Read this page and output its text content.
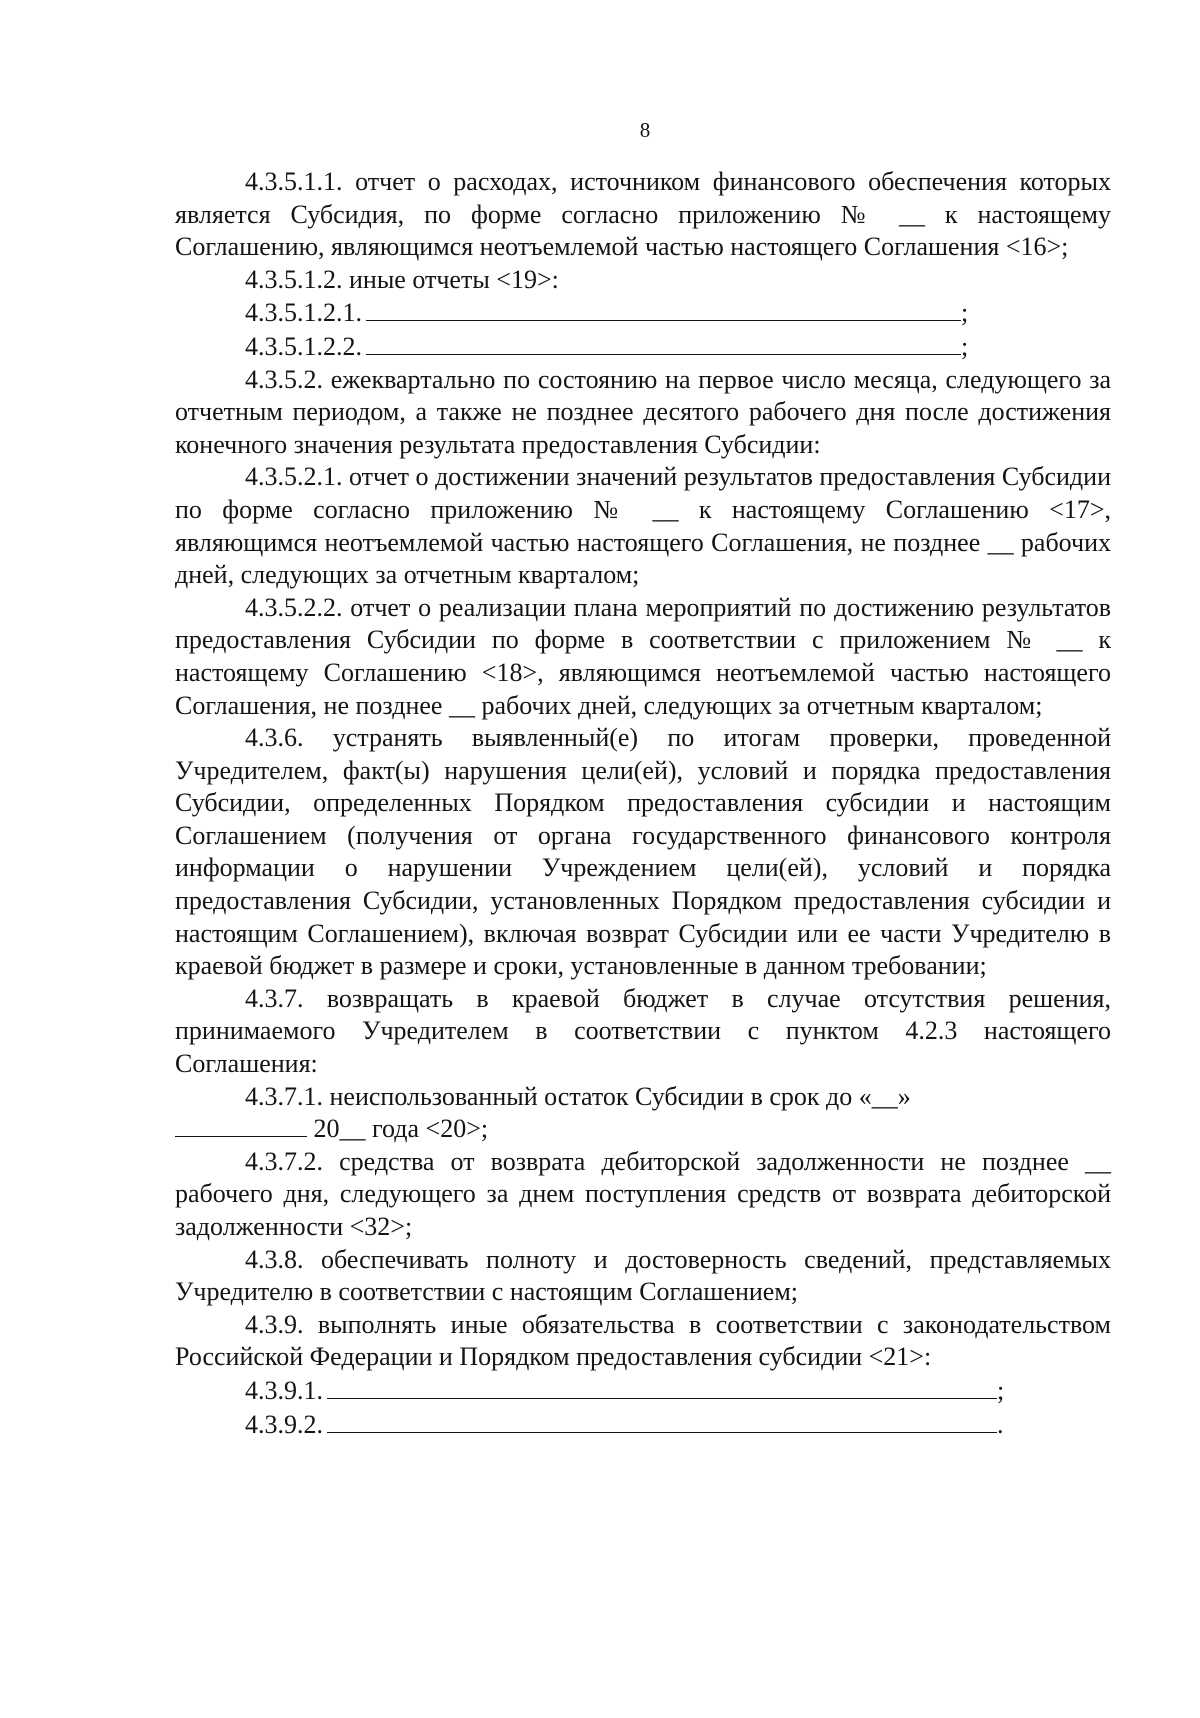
8

4.3.5.1.1. отчет о расходах, источником финансового обеспечения которых является Субсидия, по форме согласно приложению № __ к настоящему Соглашению, являющимся неотъемлемой частью настоящего Соглашения <16>;

4.3.5.1.2. иные отчеты <19>:

4.3.5.1.2.1.	;

4.3.5.1.2.2.	;

4.3.5.2. ежеквартально по состоянию на первое число месяца, следующего за отчетным периодом, а также не позднее десятого рабочего дня после достижения конечного значения результата предоставления Субсидии:

4.3.5.2.1. отчет о достижении значений результатов предоставления Субсидии по форме согласно приложению № __ к настоящему Соглашению <17>, являющимся неотъемлемой частью настоящего Соглашения, не позднее __ рабочих дней, следующих за отчетным кварталом;

4.3.5.2.2. отчет о реализации плана мероприятий по достижению результатов предоставления Субсидии по форме в соответствии с приложением № __ к настоящему Соглашению <18>, являющимся неотъемлемой частью настоящего Соглашения, не позднее __ рабочих дней, следующих за отчетным кварталом;

4.3.6. устранять выявленный(е) по итогам проверки, проведенной Учредителем, факт(ы) нарушения цели(ей), условий и порядка предоставления Субсидии, определенных Порядком предоставления субсидии и настоящим Соглашением (получения от органа государственного финансового контроля информации о нарушении Учреждением цели(ей), условий и порядка предоставления Субсидии, установленных Порядком предоставления субсидии и настоящим Соглашением), включая возврат Субсидии или ее части Учредителю в краевой бюджет в размере и сроки, установленные в данном требовании;

4.3.7. возвращать в краевой бюджет в случае отсутствия решения, принимаемого Учредителем в соответствии с пунктом 4.2.3 настоящего Соглашения:

4.3.7.1. неиспользованный остаток Субсидии в срок до «__»

20__ года <20>;

4.3.7.2. средства от возврата дебиторской задолженности не позднее __ рабочего дня, следующего за днем поступления средств от возврата дебиторской задолженности <32>;

4.3.8. обеспечивать полноту и достоверность сведений, представляемых Учредителю в соответствии с настоящим Соглашением;

4.3.9. выполнять иные обязательства в соответствии с законодательством Российской Федерации и Порядком предоставления субсидии <21>:

4.3.9.1.	;

4.3.9.2.	.
